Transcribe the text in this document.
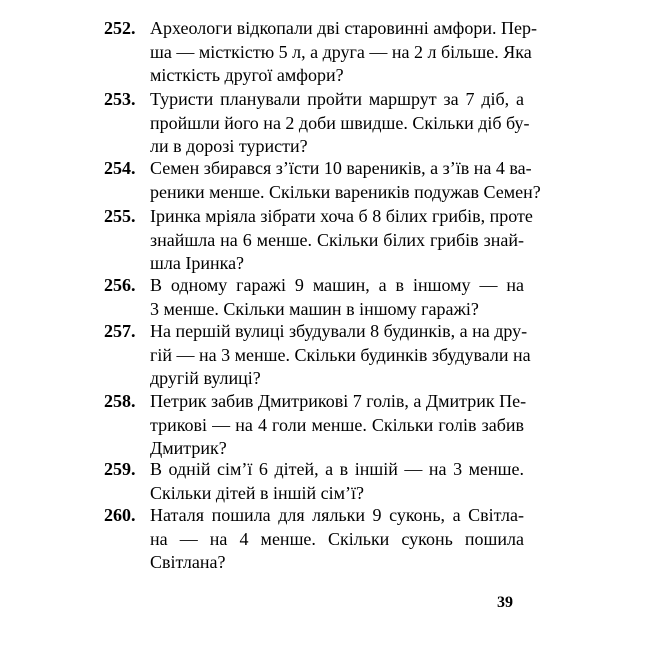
252. Археологи відкопали дві старовинні амфори. Пер-
ша — місткістю 5 л, а друга — на 2 л більше. Яка
місткість другої амфори?
253. Туристи планували пройти маршрут за 7 діб, а
пройшли його на 2 доби швидше. Скільки діб бу-
ли в дорозі туристи?
254. Семен збирався з’їсти 10 вареників, а з’їв на 4 ва-
реники менше. Скільки вареників подужав Семен?
255. Іринка мріяла зібрати хоча б 8 білих грибів, проте
знайшла на 6 менше. Скільки білих грибів знай-
шла Іринка?
256. В одному гаражі 9 машин, а в іншому — на
3 менше. Скільки машин в іншому гаражі?
257. На першій вулиці збудували 8 будинків, а на дру-
гій — на 3 менше. Скільки будинків збудували на
другій вулиці?
258. Петрик забив Дмитрикові 7 голів, а Дмитрик Пе-
трикові — на 4 голи менше. Скільки голів забив
Дмитрик?
259. В одній сім’ї 6 дітей, а в іншій — на 3 менше.
Скільки дітей в іншій сім’ї?
260. Наталя пошила для ляльки 9 суконь, а Світла-
на — на 4 менше. Скільки суконь пошила
Світлана?
39
